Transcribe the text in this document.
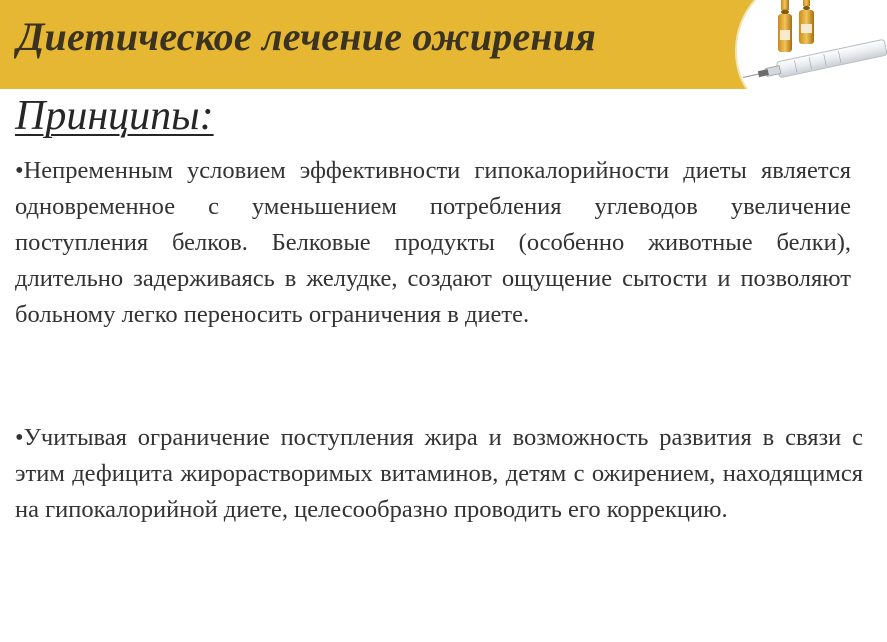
Диетическое лечение ожирения
Принципы:
•Непременным условием эффективности гипокалорийности диеты является одновременное с уменьшением потребления углеводов увеличение поступления белков. Белковые продукты (особенно животные белки), длительно задерживаясь в желудке, создают ощущение сытости и позволяют больному легко переносить ограничения в диете.
•Учитывая ограничение поступления жира и возможность развития в связи с этим дефицита жирорастворимых витаминов, детям с ожирением, находящимся на гипокалорийной диете, целесообразно проводить его коррекцию.
